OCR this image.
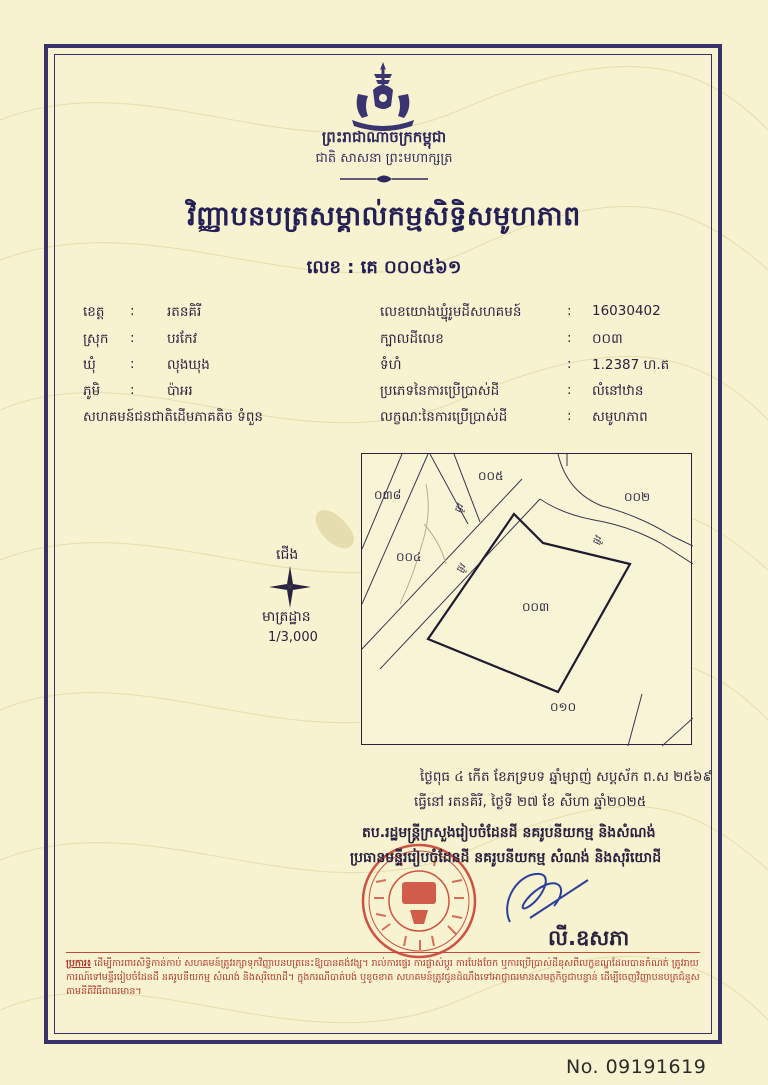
ព្រះរាជាណាចក្រកម្ពុជា
ជាតិ សាសនា ព្រះមហាក្សត្រ
វិញ្ញាបនបត្រសម្គាល់កម្មសិទ្ធិសមូហភាព
លេខ : គេ ០០០៥៦១
ខេត្ត : រតនគិរី
ស្រុក : បរកែវ
ឃុំ	: លុងឃុង
ភូមិ : ប៉ាអរ
សហគមន៍ជនជាតិដើមភាគតិច ទំពួន
លេខយោងឃ្នុំរូមដីសហគមន៍	: 16030402
ក្បាលដីលេខ	: ០០៣
ទំហំ	: 1.2387 ហ.ត
ប្រភេទនៃការប្រើប្រាស់ដី	: លំនៅឋាន
លក្ខណៈនៃការប្រើប្រាស់ដី	: សមូហភាព
ជើង
មាត្រដ្ឋាន
1/3,000
០៣៨
០០៥
០០២
០០៤
០០៣
០១០
ផ្លូវ
ផ្លូវ
ផ្លូវ
ថ្ងៃពុធ ៤ កើត ខែភទ្របទ ឆ្នាំម្សាញ់ សប្តស័ក ព.ស ២៥៦៩
ធ្វើនៅ រតនគិរី, ថ្ងៃទី ២៧ ខែ សីហា ឆ្នាំ២០២៥
តប.រដ្ឋមន្ត្រីក្រសួងរៀបចំដែនដី នគរូបនីយកម្ម និងសំណង់
ប្រធានមន្ទីររៀបចំដែនដី នគរូបនីយកម្ម សំណង់ និងសុរិយោដី
លី.ឧសភា
ប្រការ៖ ដើម្បីការពារសិទ្ធិកាន់កាប់ សហគមន៍ត្រូវរក្សាទុកវិញ្ញាបនបត្រនេះឱ្យបានគង់វង្ស។ រាល់ការផ្ទេរ ការផ្លាស់ប្តូរ ការបែងចែក ឬការប្រើប្រាស់ដីខុសពីលក្ខខណ្ឌដែលបានកំណត់ ត្រូវរាយការណ៍ទៅមន្ទីររៀបចំដែនដី នគរូបនីយកម្ម សំណង់ និងសុរិយោដី។ ក្នុងករណីបាត់បង់ ឬខូចខាត សហគមន៍ត្រូវជូនដំណឹងទៅអាជ្ញាធរមានសមត្ថកិច្ចជាបន្ទាន់ ដើម្បីចេញវិញ្ញាបនបត្រជំនួសតាមនីតិវិធីជាធរមាន។
No. 09191619
